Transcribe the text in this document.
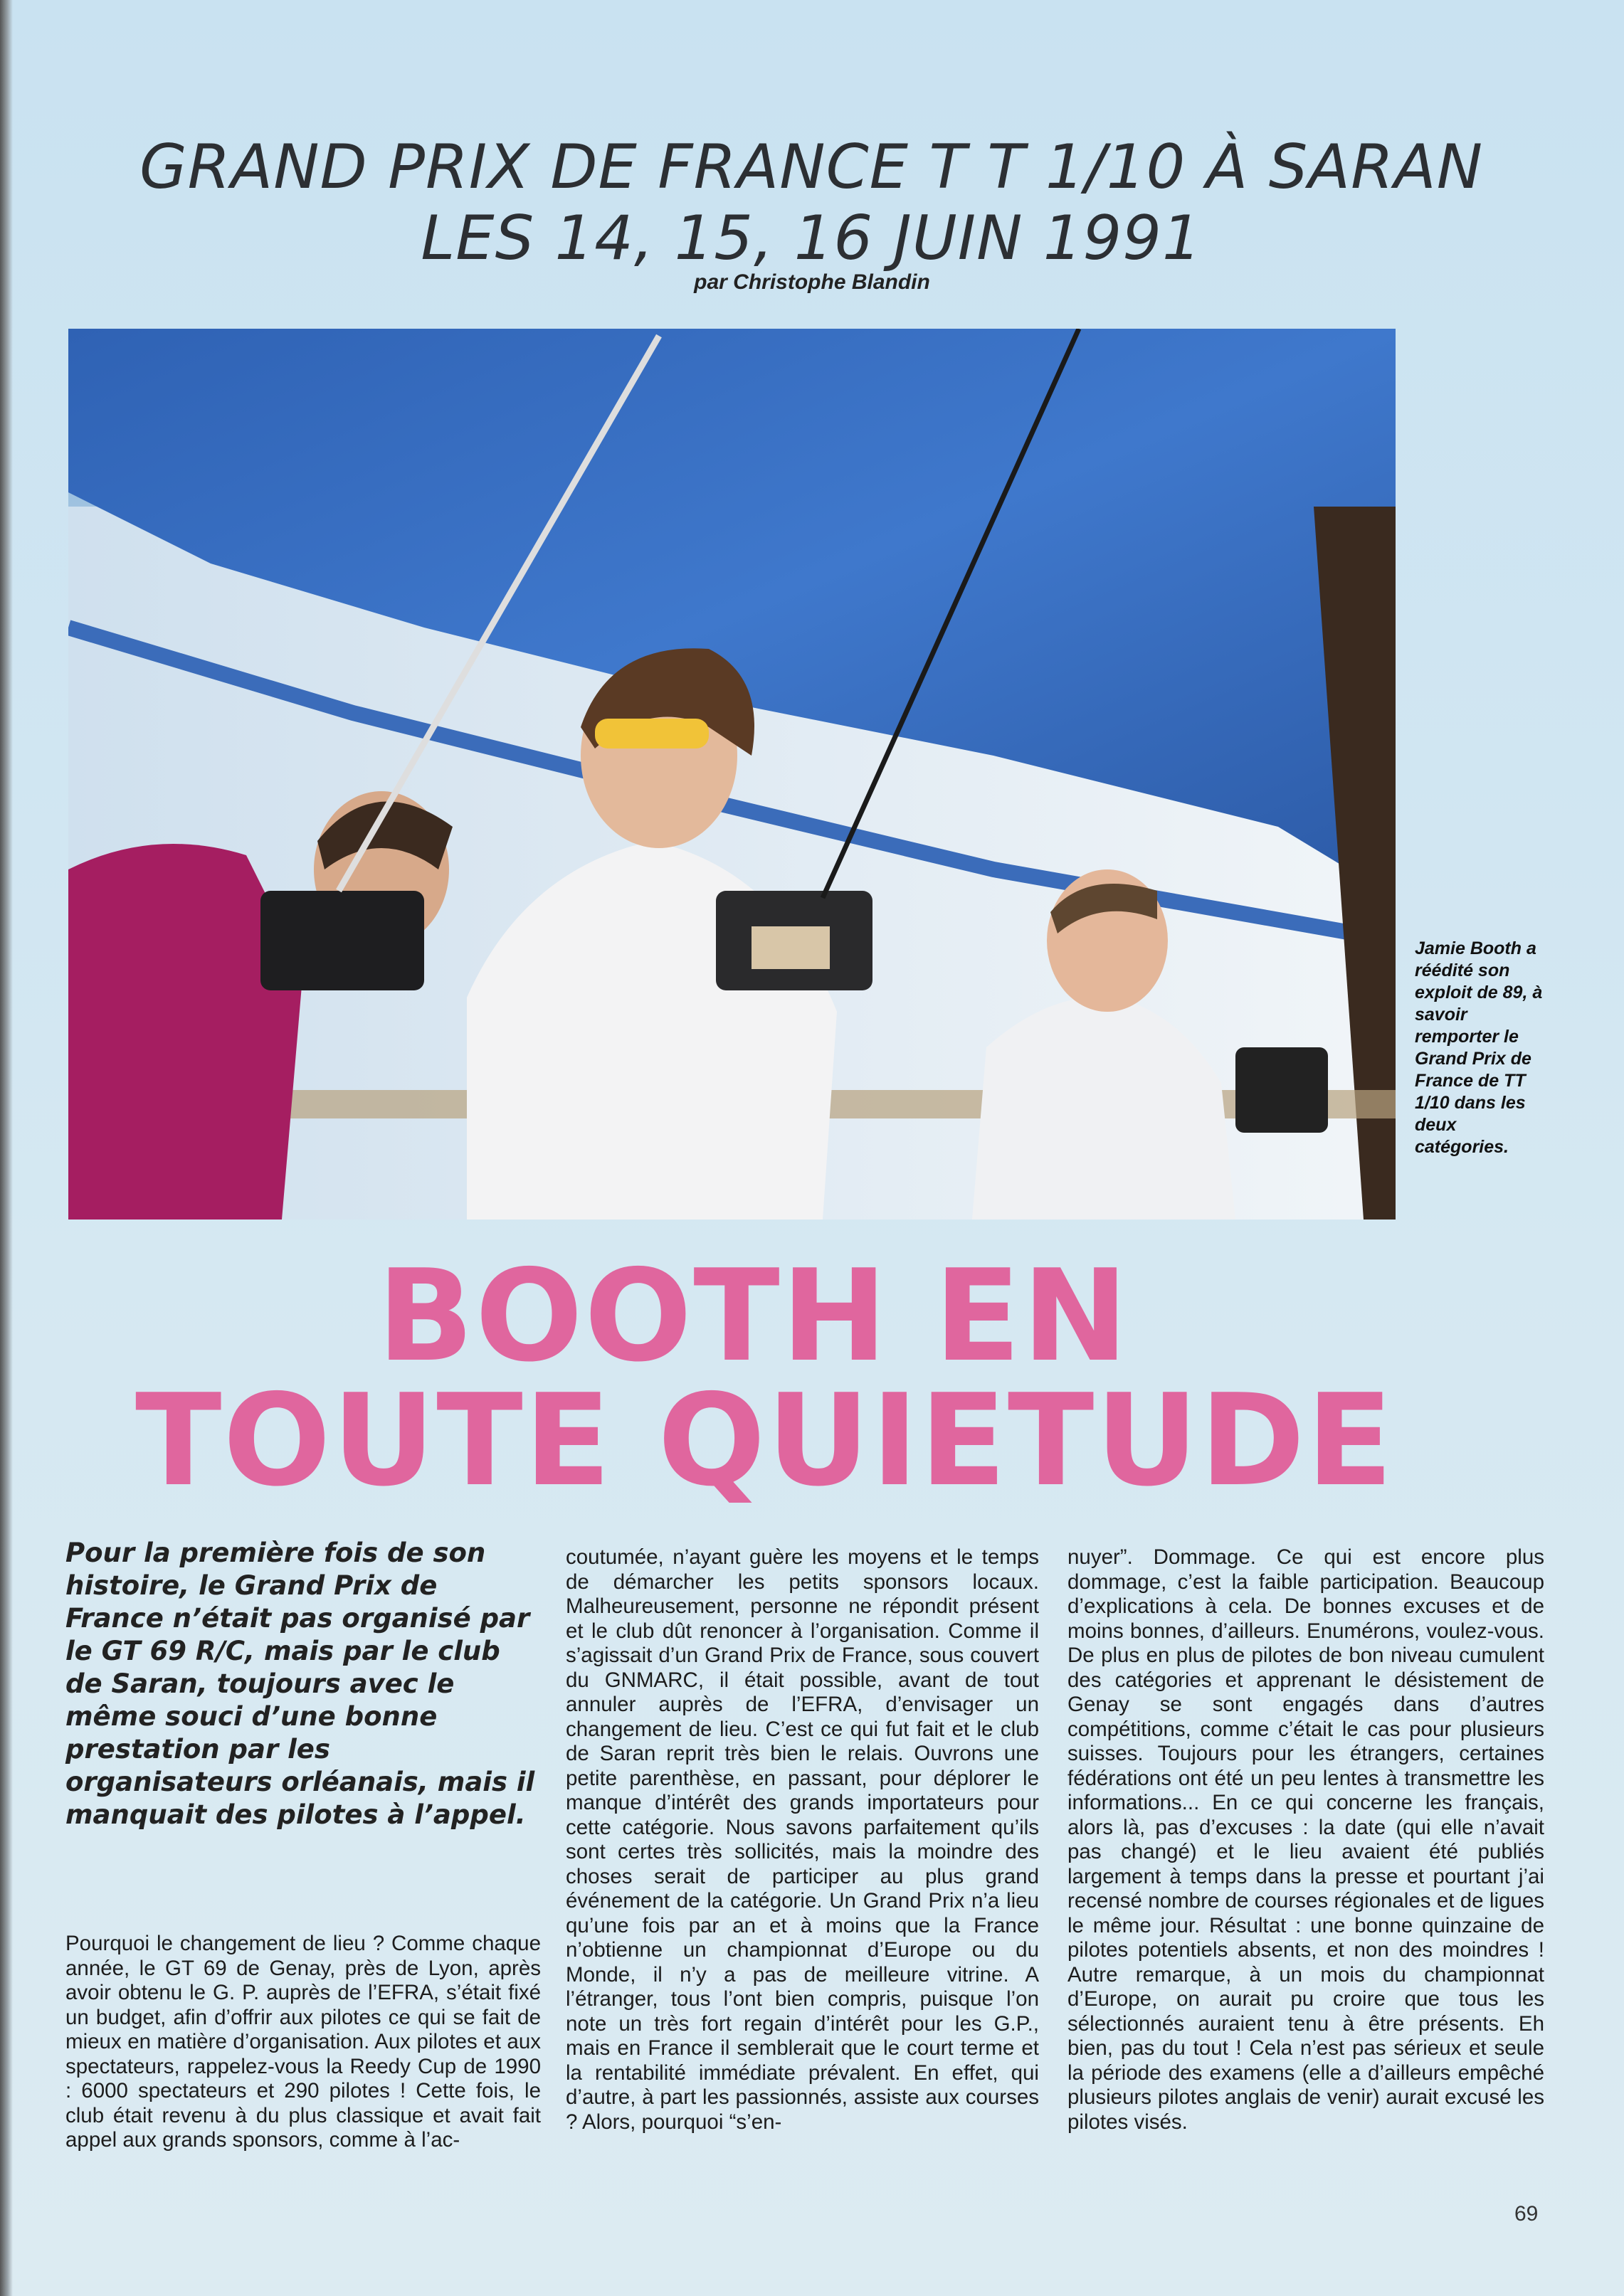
GRAND PRIX DE FRANCE T T 1/10 À SARAN
LES 14, 15, 16 JUIN 1991
par Christophe Blandin
Jamie Booth a réédité son exploit de 89, à savoir remporter le Grand Prix de France de TT 1/10 dans les deux catégories.
BOOTH EN
TOUTE QUIETUDE
Pour la première fois de son histoire, le Grand Prix de France n’était pas organisé par le GT 69 R/C, mais par le club de Saran, toujours avec le même souci d’une bonne prestation par les organisateurs orléanais, mais il manquait des pilotes à l’appel.

Pourquoi le changement de lieu ? Comme chaque année, le GT 69 de Genay, près de Lyon, après avoir obtenu le G. P. auprès de l’EFRA, s’était fixé un budget, afin d’offrir aux pilotes ce qui se fait de mieux en matière d’organisation. Aux pilotes et aux spectateurs, rappelez-vous la Reedy Cup de 1990 : 6000 spectateurs et 290 pilotes ! Cette fois, le club était revenu à du plus classique et avait fait appel aux grands sponsors, comme à l’ac-

coutumée, n’ayant guère les moyens et le temps de démarcher les petits sponsors locaux. Malheureusement, personne ne répondit présent et le club dût renoncer à l’organisation. Comme il s’agissait d’un Grand Prix de France, sous couvert du GNMARC, il était possible, avant de tout annuler auprès de l’EFRA, d’envisager un changement de lieu. C’est ce qui fut fait et le club de Saran reprit très bien le relais. Ouvrons une petite parenthèse, en passant, pour déplorer le manque d’intérêt des grands importateurs pour cette catégorie. Nous savons parfaitement qu’ils sont certes très sollicités, mais la moindre des choses serait de participer au plus grand événement de la catégorie. Un Grand Prix n’a lieu qu’une fois par an et à moins que la France n’obtienne un championnat d’Europe ou du Monde, il n’y a pas de meilleure vitrine. A l’étranger, tous l’ont bien compris, puisque l’on note un très fort regain d’intérêt pour les G.P., mais en France il semblerait que le court terme et la rentabilité immédiate prévalent. En effet, qui d’autre, à part les passionnés, assiste aux courses ? Alors, pourquoi “s’en-

nuyer”. Dommage. Ce qui est encore plus dommage, c’est la faible participation. Beaucoup d’explications à cela. De bonnes excuses et de moins bonnes, d’ailleurs. Enumérons, voulez-vous. De plus en plus de pilotes de bon niveau cumulent des catégories et apprenant le désistement de Genay se sont engagés dans d’autres compétitions, comme c’était le cas pour plusieurs suisses. Toujours pour les étrangers, certaines fédérations ont été un peu lentes à transmettre les informations... En ce qui concerne les français, alors là, pas d’excuses : la date (qui elle n’avait pas changé) et le lieu avaient été publiés largement à temps dans la presse et pourtant j’ai recensé nombre de courses régionales et de ligues le même jour. Résultat : une bonne quinzaine de pilotes potentiels absents, et non des moindres ! Autre remarque, à un mois du championnat d’Europe, on aurait pu croire que tous les sélectionnés auraient tenu à être présents. Eh bien, pas du tout ! Cela n’est pas sérieux et seule la période des examens (elle a d’ailleurs empêché plusieurs pilotes anglais de venir) aurait excusé les pilotes visés.

69
